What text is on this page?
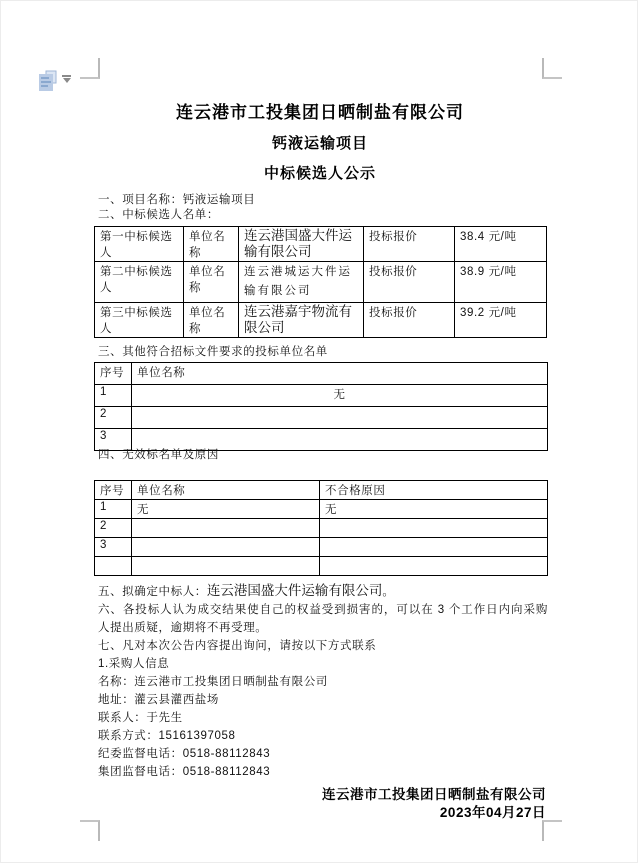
连云港市工投集团日晒制盐有限公司
钙液运输项目
中标候选人公示
一、项目名称：钙液运输项目
二、中标候选人名单：
第一中标候选人	单位名称	连云港国盛大件运输有限公司	投标报价	38.4 元/吨
第二中标候选人	单位名称	连云港城运大件运输有限公司	投标报价	38.9 元/吨
第三中标候选人	单位名称	连云港嘉宇物流有限公司	投标报价	39.2 元/吨
三、其他符合招标文件要求的投标单位名单
序号	单位名称
1	无
2	
3	
四、无效标名单及原因
序号	单位名称	不合格原因
1	无	无
2		
3		

五、拟确定中标人：连云港国盛大件运输有限公司。
六、各投标人认为成交结果使自己的权益受到损害的，可以在 3 个工作日内向采购人提出质疑，逾期将不再受理。
七、凡对本次公告内容提出询问，请按以下方式联系
1.采购人信息
名称：连云港市工投集团日晒制盐有限公司
地址：灌云县灌西盐场
联系人：于先生
联系方式：15161397058
纪委监督电话：0518-88112843
集团监督电话：0518-88112843
连云港市工投集团日晒制盐有限公司
2023年04月27日
